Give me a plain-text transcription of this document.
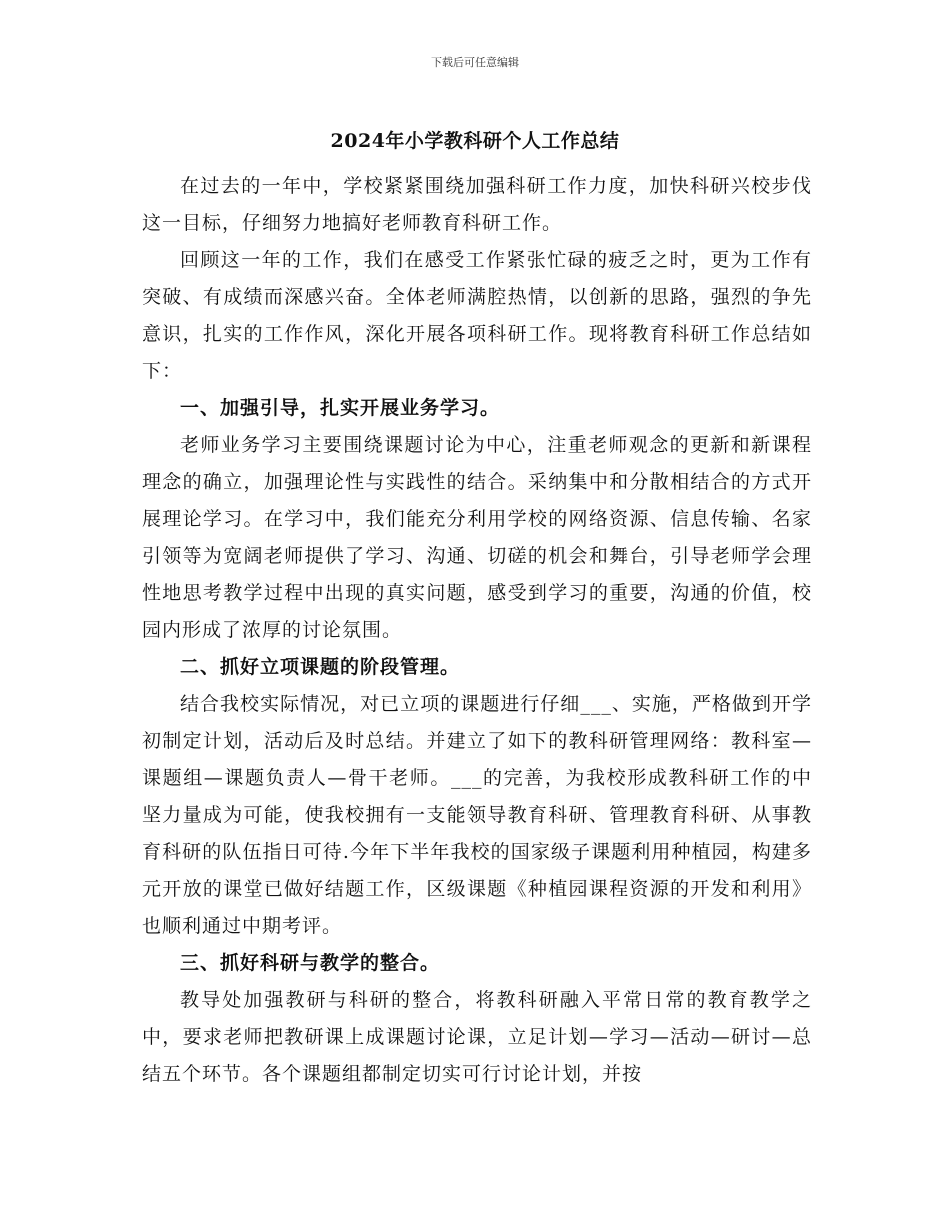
下载后可任意编辑
2024年小学教科研个人工作总结

在过去的一年中，学校紧紧围绕加强科研工作力度，加快科研兴校步伐这一目标，仔细努力地搞好老师教育科研工作。

回顾这一年的工作，我们在感受工作紧张忙碌的疲乏之时，更为工作有突破、有成绩而深感兴奋。全体老师满腔热情，以创新的思路，强烈的争先意识，扎实的工作作风，深化开展各项科研工作。现将教育科研工作总结如下：

一、加强引导，扎实开展业务学习。

老师业务学习主要围绕课题讨论为中心，注重老师观念的更新和新课程理念的确立，加强理论性与实践性的结合。采纳集中和分散相结合的方式开展理论学习。在学习中，我们能充分利用学校的网络资源、信息传输、名家引领等为宽阔老师提供了学习、沟通、切磋的机会和舞台，引导老师学会理性地思考教学过程中出现的真实问题，感受到学习的重要，沟通的价值，校园内形成了浓厚的讨论氛围。

二、抓好立项课题的阶段管理。

结合我校实际情况，对已立项的课题进行仔细___、实施，严格做到开学初制定计划，活动后及时总结。并建立了如下的教科研管理网络：教科室—课题组—课题负责人—骨干老师。___的完善，为我校形成教科研工作的中坚力量成为可能，使我校拥有一支能领导教育科研、管理教育科研、从事教育科研的队伍指日可待.今年下半年我校的国家级子课题利用种植园，构建多元开放的课堂已做好结题工作，区级课题《种植园课程资源的开发和利用》也顺利通过中期考评。

三、抓好科研与教学的整合。

教导处加强教研与科研的整合，将教科研融入平常日常的教育教学之中，要求老师把教研课上成课题讨论课，立足计划—学习—活动—研讨—总结五个环节。各个课题组都制定切实可行讨论计划，并按
